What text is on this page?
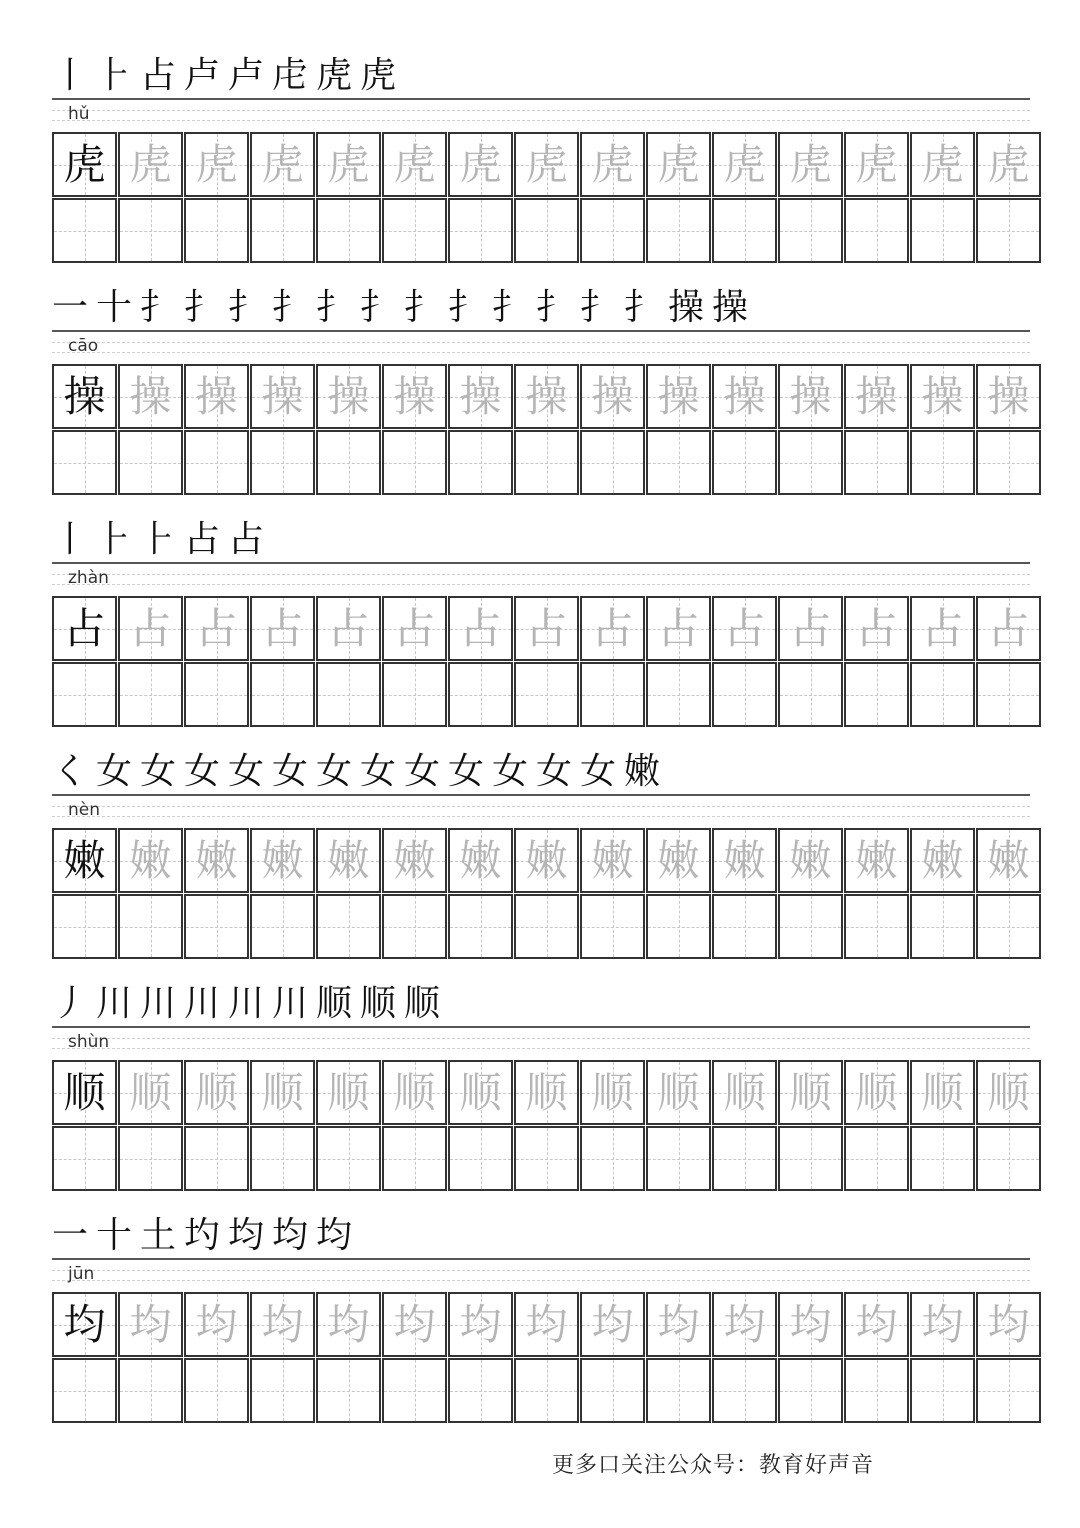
丨 ⺊ 占 卢 卢 虍 虎 虎
hǔ
虎 虎 虎 虎 虎 虎 虎 虎 虎 虎 虎 虎 虎 虎 虎
一 十 扌 扌 扌 扌 扌 扌 扌 扌 扌 扌 扌 扌 操 操
cāo
操 操 操 操 操 操 操 操 操 操 操 操 操 操 操
丨 ⺊ ⺊ 占 占
zhàn
占 占 占 占 占 占 占 占 占 占 占 占 占 占 占
く 女 女 女 女 女 女 女 女 女 女 女 女 嫩
nèn
嫩 嫩 嫩 嫩 嫩 嫩 嫩 嫩 嫩 嫩 嫩 嫩 嫩 嫩 嫩
丿 川 川 川 川 川 顺 顺 顺
shùn
顺 顺 顺 顺 顺 顺 顺 顺 顺 顺 顺 顺 顺 顺 顺
一 十 土 圴 均 均 均
jūn
均 均 均 均 均 均 均 均 均 均 均 均 均 均 均
更多口关注公众号：教育好声音
